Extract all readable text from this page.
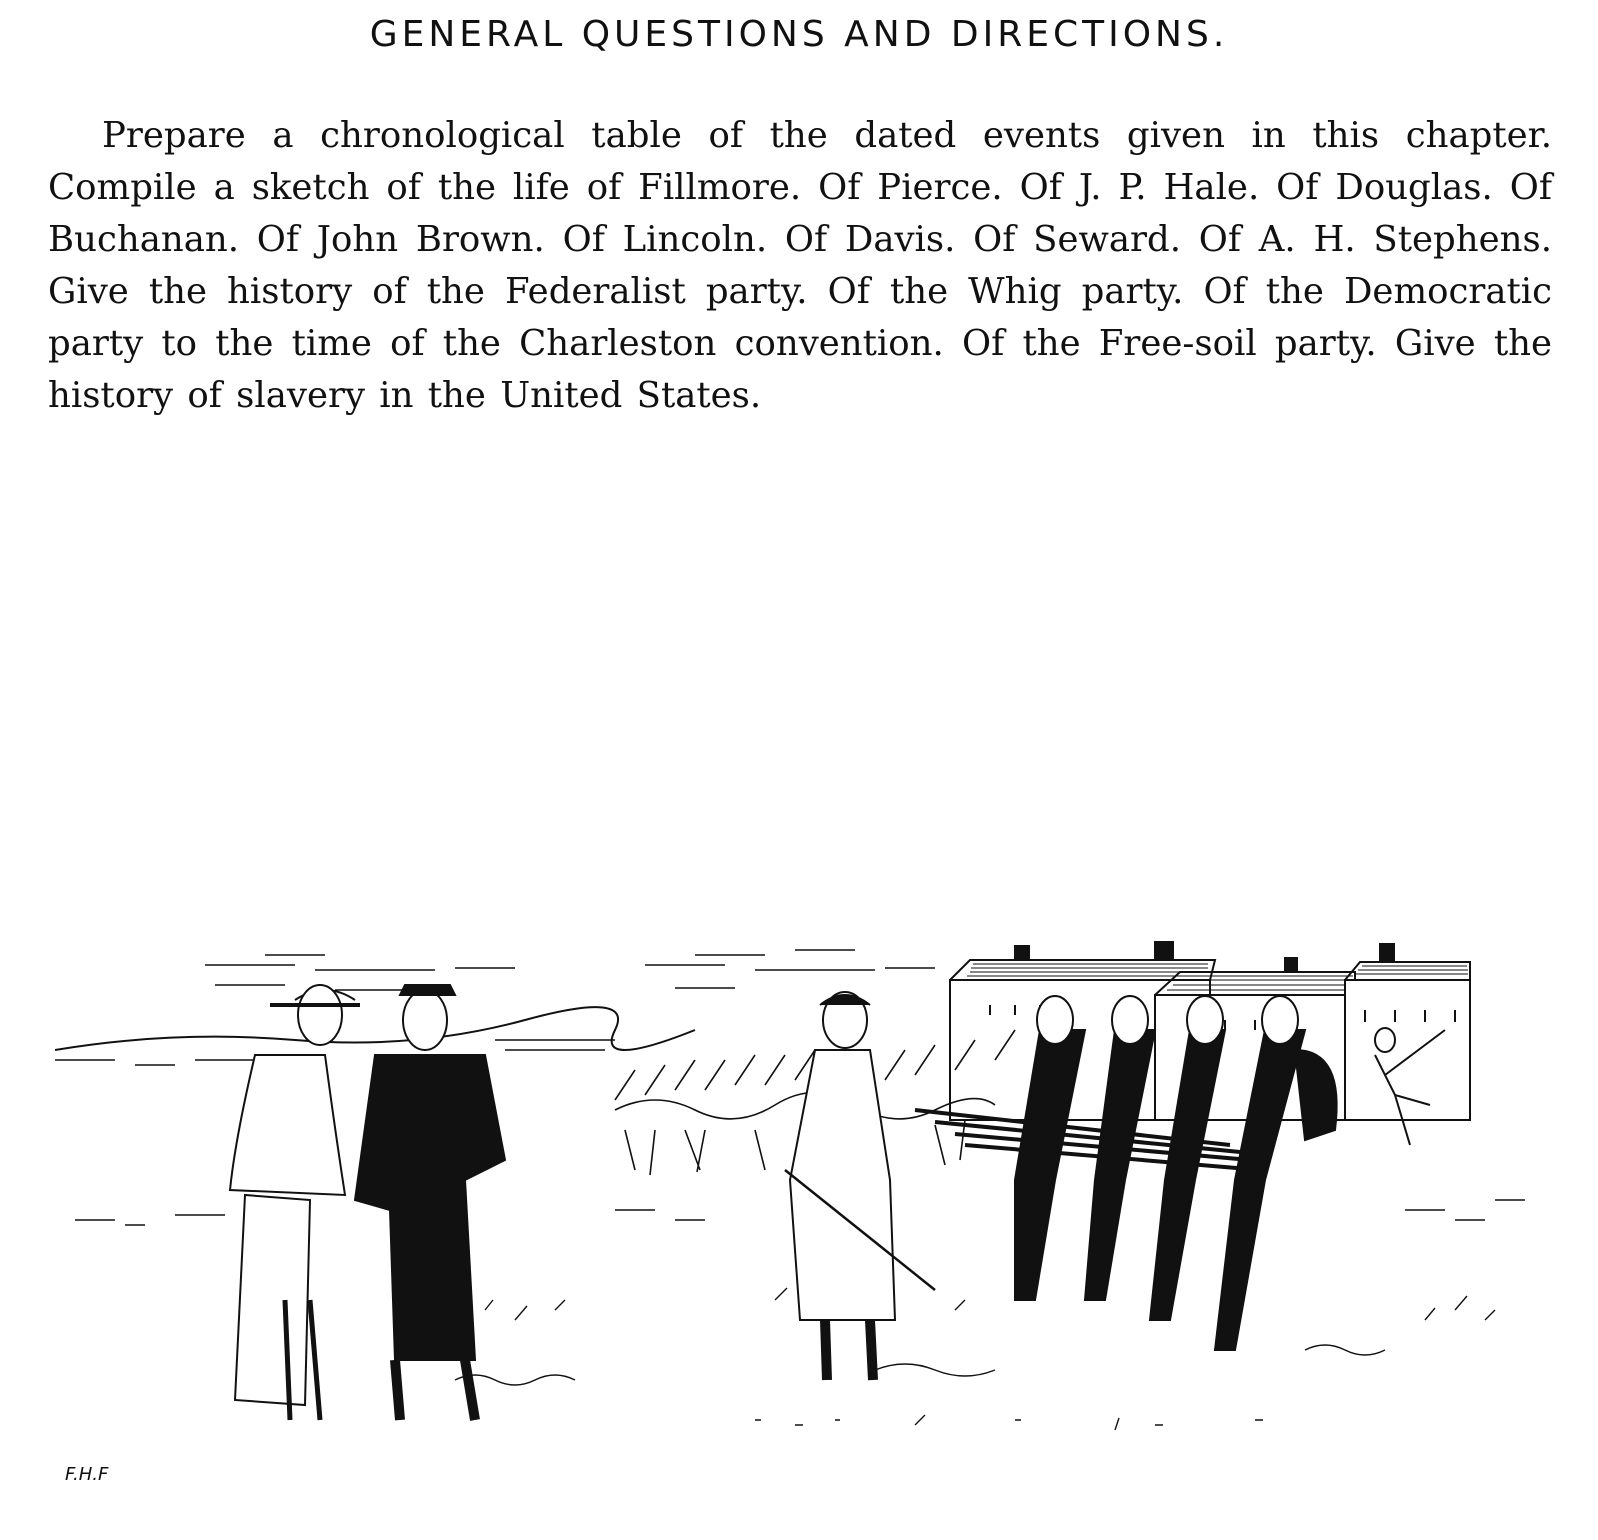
GENERAL QUESTIONS AND DIRECTIONS.

Prepare a chronological table of the dated events given in this chapter. Compile a sketch of the life of Fillmore. Of Pierce. Of J. P. Hale. Of Douglas. Of Buchanan. Of John Brown. Of Lincoln. Of Davis. Of Seward. Of A. H. Stephens. Give the history of the Federalist party. Of the Whig party. Of the Democratic party to the time of the Charleston convention. Of the Free-soil party. Give the history of slavery in the United States.

F.H.F
